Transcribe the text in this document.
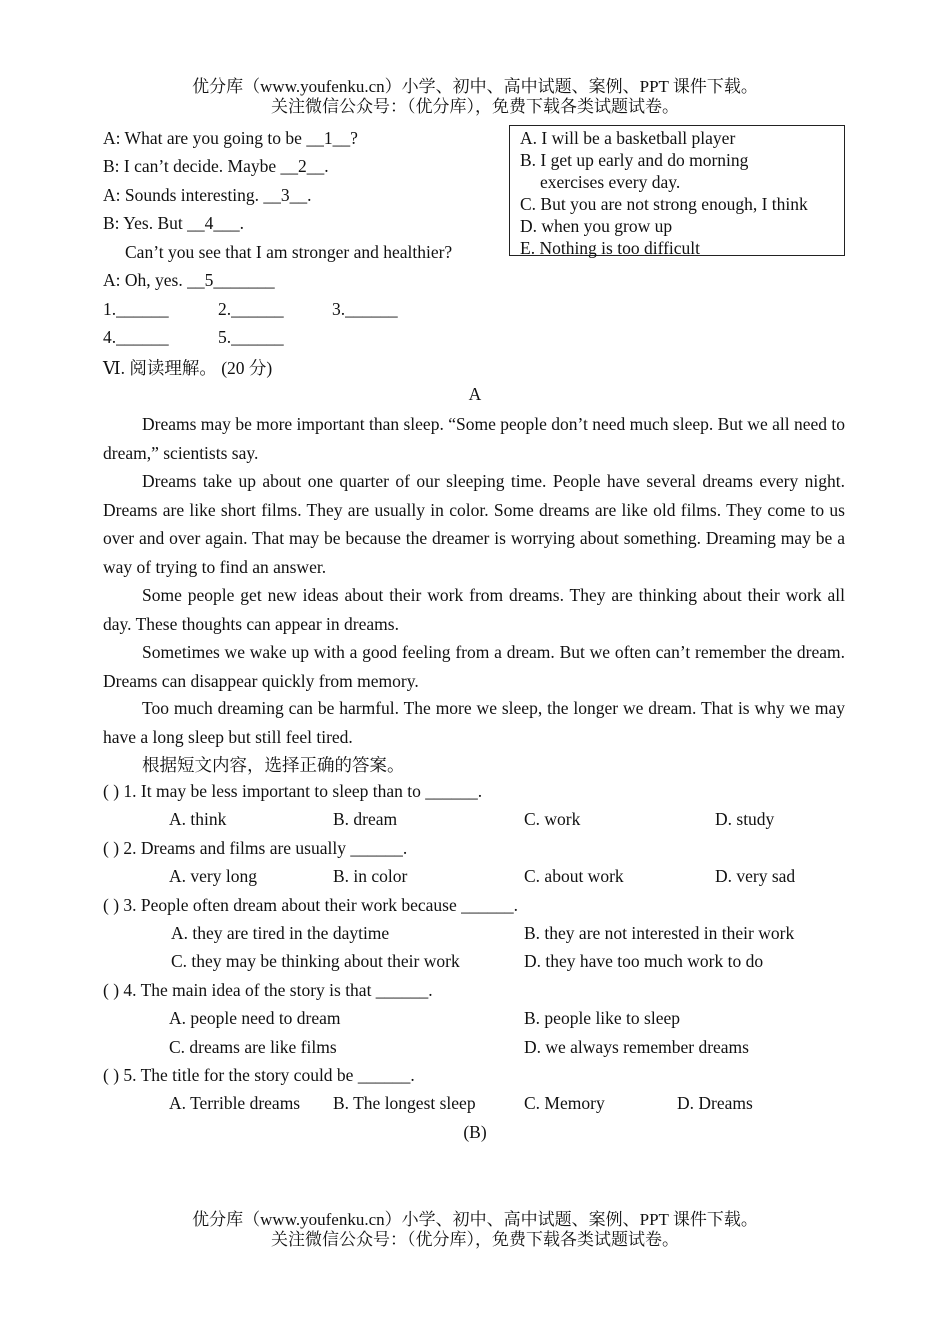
优分库（www.youfenku.cn）小学、初中、高中试题、案例、PPT 课件下载。
关注微信公众号：（优分库），免费下载各类试题试卷。
A: What are you going to be __1__?
B: I can’t decide. Maybe __2__.
A: Sounds interesting. __3__.
B: Yes. But __4___.
Can’t you see that I am stronger and healthier?
A: Oh, yes. __5_______
A. I will be a basketball player
B. I get up early and do morning
exercises every day.
C. But you are not strong enough, I think
D. when you grow up
E. Nothing is too difficult
1.______	2.______	3.______
4.______	5.______
Ⅵ. 阅读理解。 (20 分)
A

Dreams may be more important than sleep. “Some people don’t need much sleep. But we all need to dream,” scientists say.

Dreams take up about one quarter of our sleeping time. People have several dreams every night. Dreams are like short films. They are usually in color. Some dreams are like old films. They come to us over and over again. That may be because the dreamer is worrying about something. Dreaming may be a way of trying to find an answer.

Some people get new ideas about their work from dreams. They are thinking about their work all day. These thoughts can appear in dreams.

Sometimes we wake up with a good feeling from a dream. But we often can’t remember the dream. Dreams can disappear quickly from memory.

Too much dreaming can be harmful. The more we sleep, the longer we dream. That is why we may have a long sleep but still feel tired.

根据短文内容，选择正确的答案。
( ) 1. It may be less important to sleep than to ______.
A. think	B. dream	C. work	D. study
( ) 2. Dreams and films are usually ______.
A. very long	B. in color	C. about work	D. very sad
( ) 3. People often dream about their work because ______.
A. they are tired in the daytime	B. they are not interested in their work
C. they may be thinking about their work	D. they have too much work to do
( ) 4. The main idea of the story is that ______.
A. people need to dream	B. people like to sleep
C. dreams are like films	D. we always remember dreams
( ) 5. The title for the story could be ______.
A. Terrible dreams B. The longest sleep	C. Memory	D. Dreams
(B)
优分库（www.youfenku.cn）小学、初中、高中试题、案例、PPT 课件下载。
关注微信公众号：（优分库），免费下载各类试题试卷。
